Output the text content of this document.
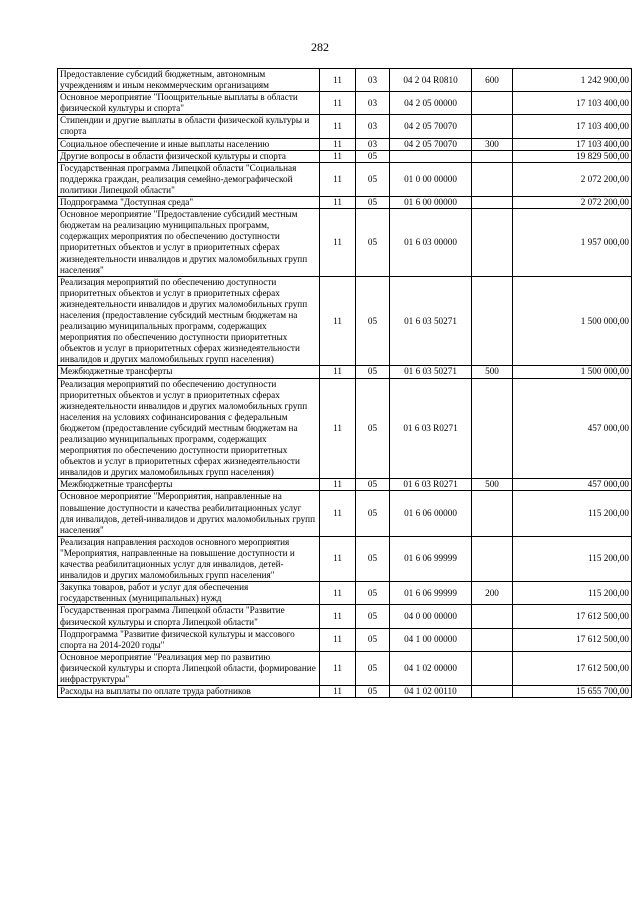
282
Предоставление субсидий бюджетным, автономным учреждениям и иным некоммерческим организациям	11	03	04 2 04 R0810	600	1 242 900,00
Основное мероприятие "Поощрительные выплаты в области физической культуры и спорта"	11	03	04 2 05 00000		17 103 400,00
Стипендии и другие выплаты в области физической культуры и спорта	11	03	04 2 05 70070		17 103 400,00
Социальное обеспечение и иные выплаты населению	11	03	04 2 05 70070	300	17 103 400,00
Другие вопросы в области физической культуры и спорта	11	05			19 829 500,00
Государственная программа Липецкой области "Социальная поддержка граждан, реализация семейно-демографической политики Липецкой области"	11	05	01 0 00 00000		2 072 200,00
Подпрограмма "Доступная среда"	11	05	01 6 00 00000		2 072 200,00
Основное мероприятие "Предоставление субсидий местным бюджетам на реализацию муниципальных программ, содержащих мероприятия по обеспечению доступности приоритетных объектов и услуг в приоритетных сферах жизнедеятельности инвалидов и других маломобильных групп населения"	11	05	01 6 03 00000		1 957 000,00
Реализация мероприятий по обеспечению доступности приоритетных объектов и услуг в приоритетных сферах жизнедеятельности инвалидов и других маломобильных групп населения (предоставление субсидий местным бюджетам на реализацию муниципальных программ, содержащих мероприятия по обеспечению доступности приоритетных объектов и услуг в приоритетных сферах жизнедеятельности инвалидов и других маломобильных групп населения)	11	05	01 6 03 50271		1 500 000,00
Межбюджетные трансферты	11	05	01 6 03 50271	500	1 500 000,00
Реализация мероприятий по обеспечению доступности приоритетных объектов и услуг в приоритетных сферах жизнедеятельности инвалидов и других маломобильных групп населения на условиях софинансирования с федеральным бюджетом (предоставление субсидий местным бюджетам на реализацию муниципальных программ, содержащих мероприятия по обеспечению доступности приоритетных объектов и услуг в приоритетных сферах жизнедеятельности инвалидов и других маломобильных групп населения)	11	05	01 6 03 R0271		457 000,00
Межбюджетные трансферты	11	05	01 6 03 R0271	500	457 000,00
Основное мероприятие "Мероприятия, направленные на повышение доступности и качества реабилитационных услуг для инвалидов, детей-инвалидов и других маломобильных групп населения"	11	05	01 6 06 00000		115 200,00
Реализация направления расходов основного мероприятия "Мероприятия, направленные на повышение доступности и качества реабилитационных услуг для инвалидов, детей-инвалидов и других маломобильных групп населения"	11	05	01 6 06 99999		115 200,00
Закупка товаров, работ и услуг для обеспечения государственных (муниципальных) нужд	11	05	01 6 06 99999	200	115 200,00
Государственная программа Липецкой области "Развитие физической культуры и спорта Липецкой области"	11	05	04 0 00 00000		17 612 500,00
Подпрограмма "Развитие физической культуры и массового спорта на 2014-2020 годы"	11	05	04 1 00 00000		17 612 500,00
Основное мероприятие "Реализация мер по развитию физической культуры и спорта Липецкой области, формирование инфраструктуры"	11	05	04 1 02 00000		17 612 500,00
Расходы на выплаты по оплате труда работников	11	05	04 1 02 00110		15 655 700,00
